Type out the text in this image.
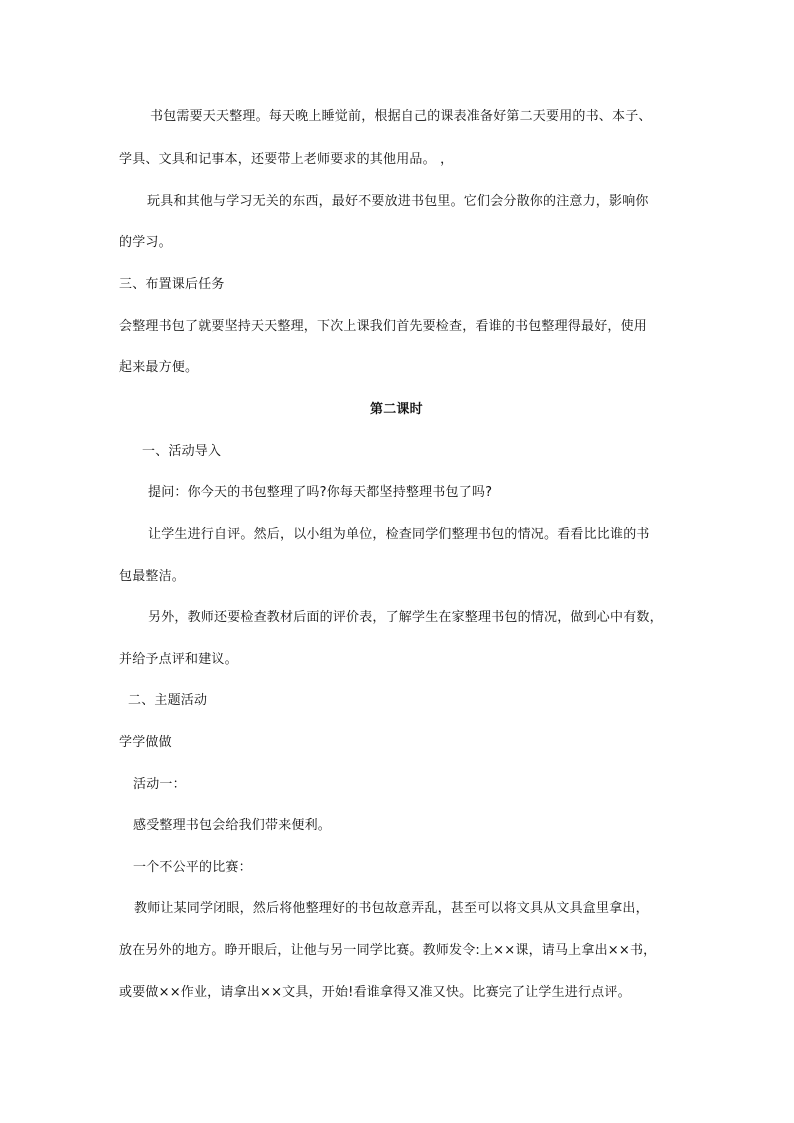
书包需要天天整理。每天晚上睡觉前，根据自己的课表准备好第二天要用的书、本子、
学具、文具和记事本，还要带上老师要求的其他用品。 ，
玩具和其他与学习无关的东西，最好不要放进书包里。它们会分散你的注意力，影响你
的学习。
三、布置课后任务
会整理书包了就要坚持天天整理，下次上课我们首先要检查，看谁的书包整理得最好，使用
起来最方便。
第二课时
一、活动导入
提问：你今天的书包整理了吗?你每天都坚持整理书包了吗?
让学生进行自评。然后，以小组为单位，检查同学们整理书包的情况。看看比比谁的书
包最整洁。
另外，教师还要检查教材后面的评价表，了解学生在家整理书包的情况，做到心中有数，
并给予点评和建议。
二、主题活动
学学做做
活动一：
感受整理书包会给我们带来便利。
一个不公平的比赛：
教师让某同学闭眼，然后将他整理好的书包故意弄乱，甚至可以将文具从文具盒里拿出，
放在另外的地方。睁开眼后，让他与另一同学比赛。教师发令:上××课，请马上拿出××书，
或要做××作业，请拿出××文具，开始!看谁拿得又准又快。比赛完了让学生进行点评。
